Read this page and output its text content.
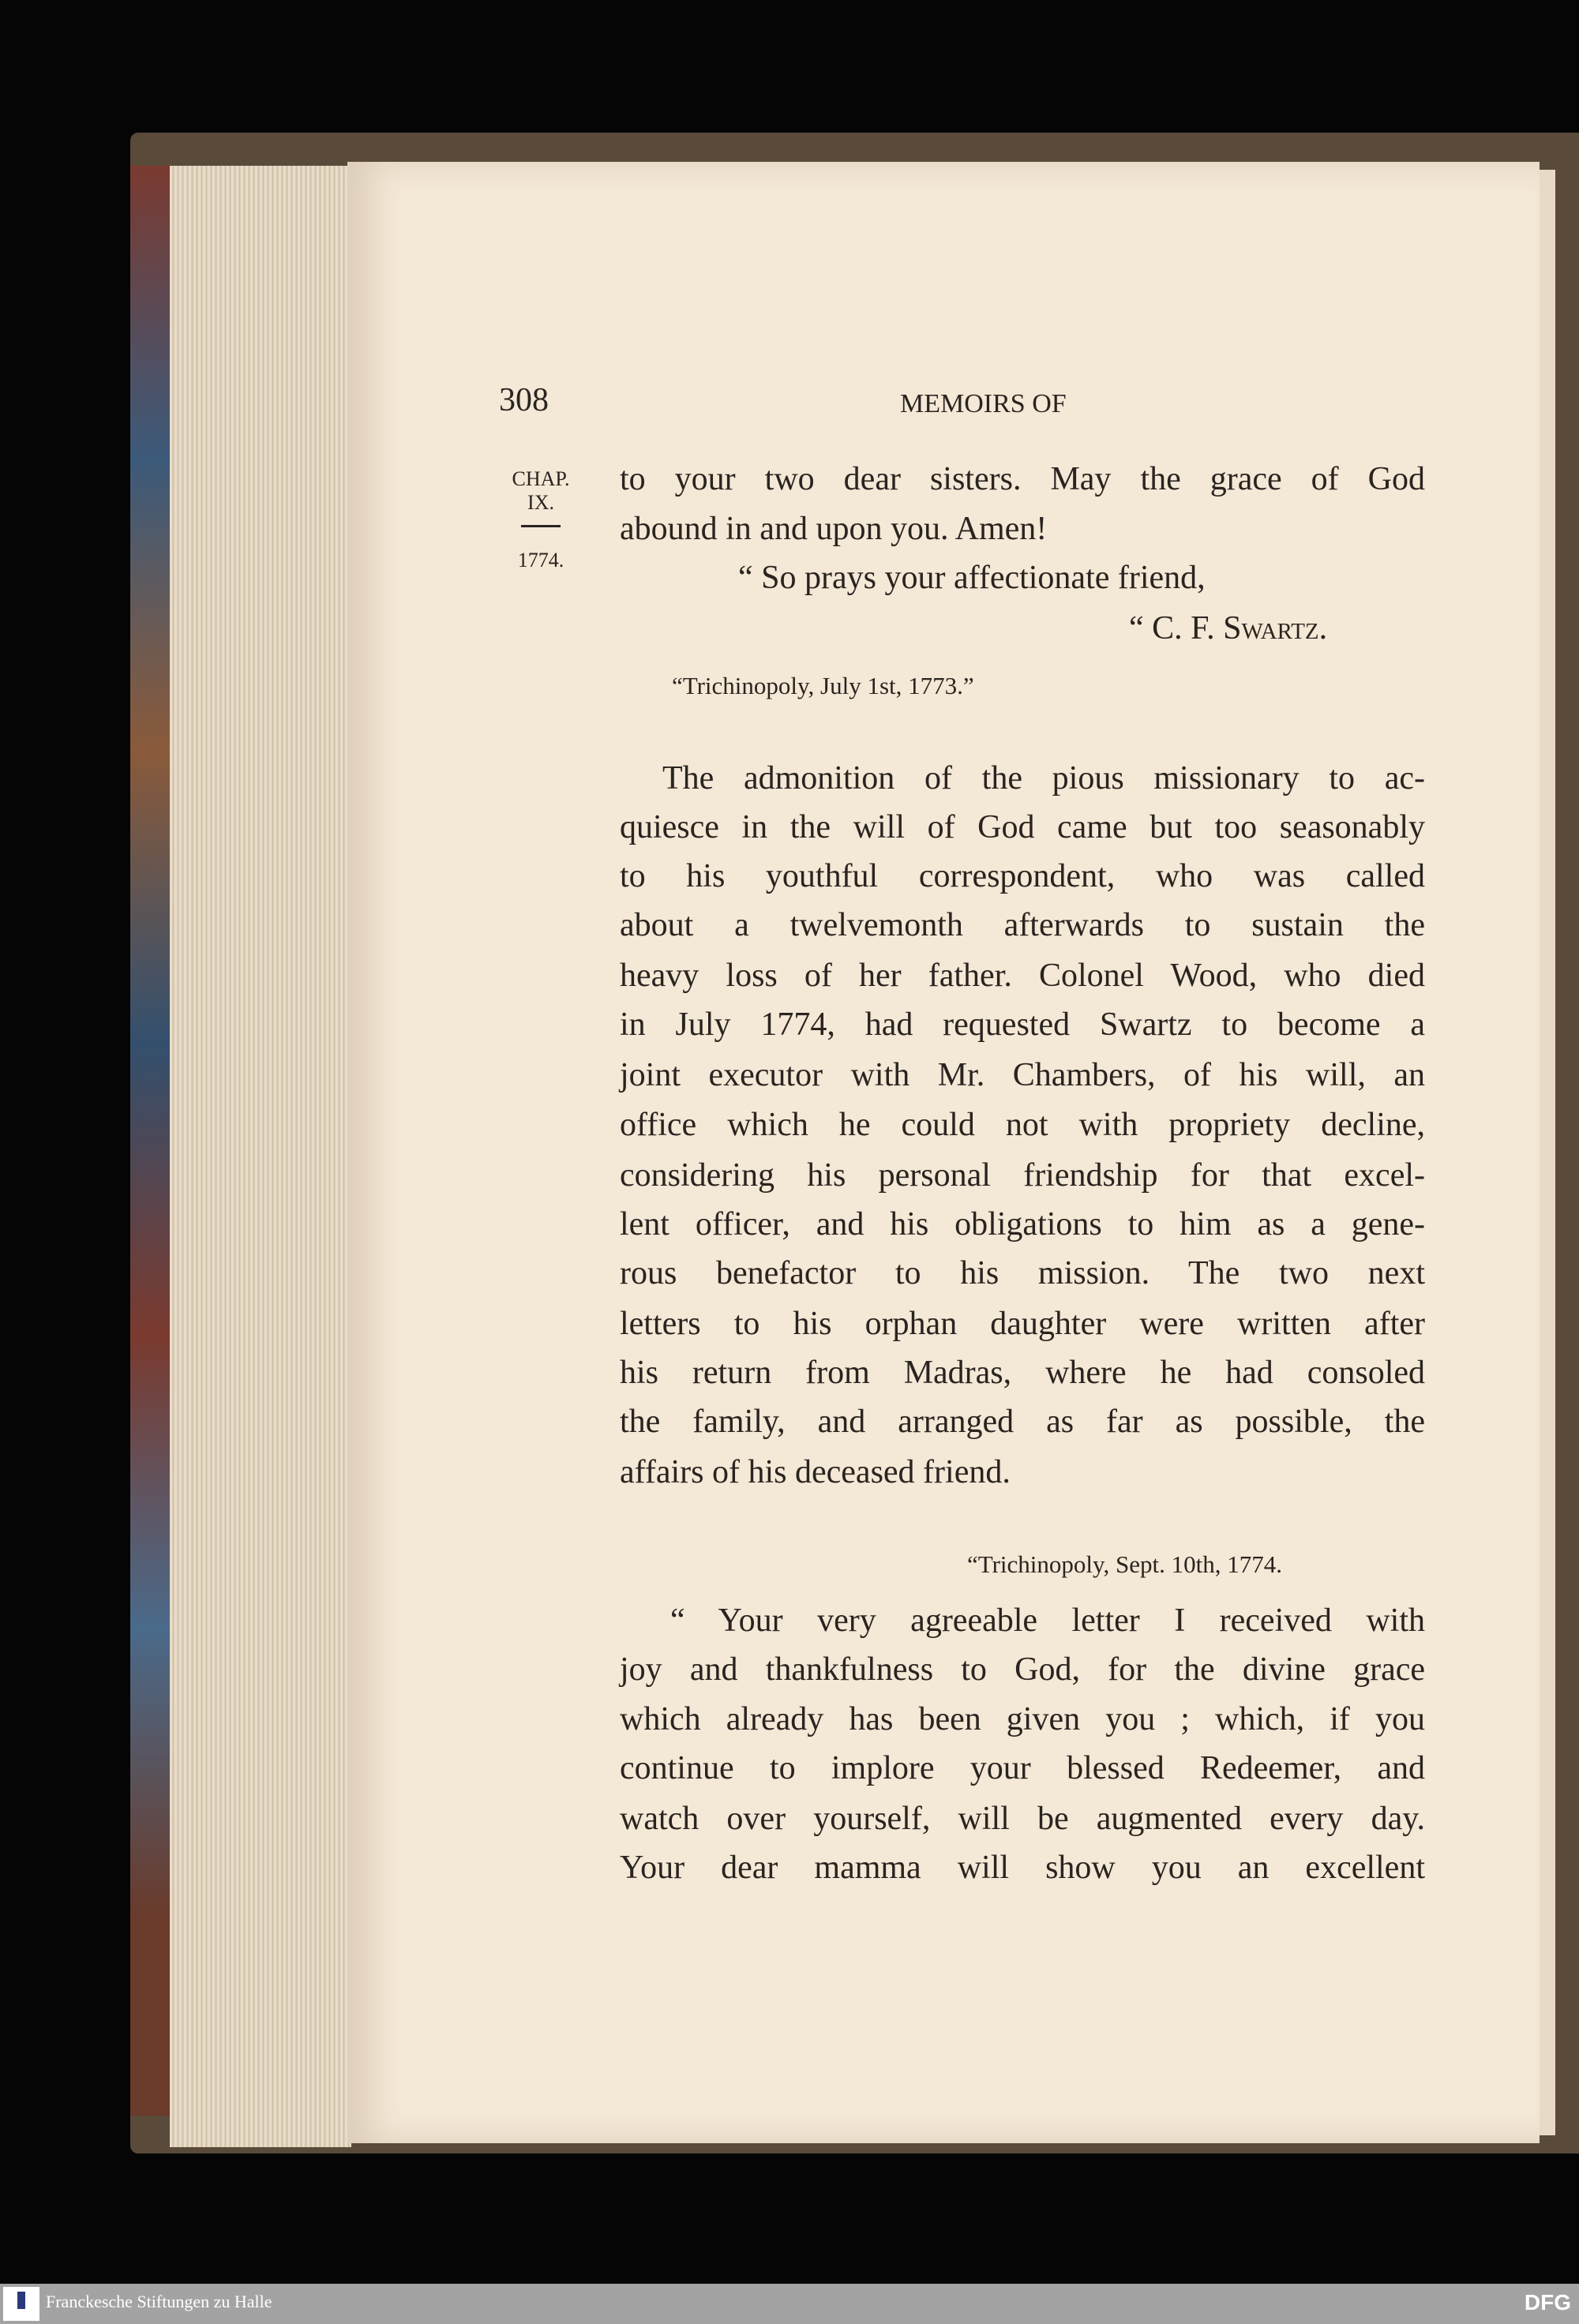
308	MEMOIRS OF
CHAP.
IX.
1774.
to your two dear sisters. May the grace of God
abound in and upon you. Amen!
“ So prays your affectionate friend,
“ C. F. Swartz.
“Trichinopoly, July 1st, 1773.”
The admonition of the pious missionary to ac-
quiesce in the will of God came but too seasonably
to his youthful correspondent, who was called
about a twelvemonth afterwards to sustain the
heavy loss of her father. Colonel Wood, who died
in July 1774, had requested Swartz to become a
joint executor with Mr. Chambers, of his will, an
office which he could not with propriety decline,
considering his personal friendship for that excel-
lent officer, and his obligations to him as a gene-
rous benefactor to his mission. The two next
letters to his orphan daughter were written after
his return from Madras, where he had consoled
the family, and arranged as far as possible, the
affairs of his deceased friend.
“Trichinopoly, Sept. 10th, 1774.
“ Your very agreeable letter I received with
joy and thankfulness to God, for the divine grace
which already has been given you ; which, if you
continue to implore your blessed Redeemer, and
watch over yourself, will be augmented every day.
Your dear mamma will show you an excellent
Franckesche Stiftungen zu Halle	DFG
